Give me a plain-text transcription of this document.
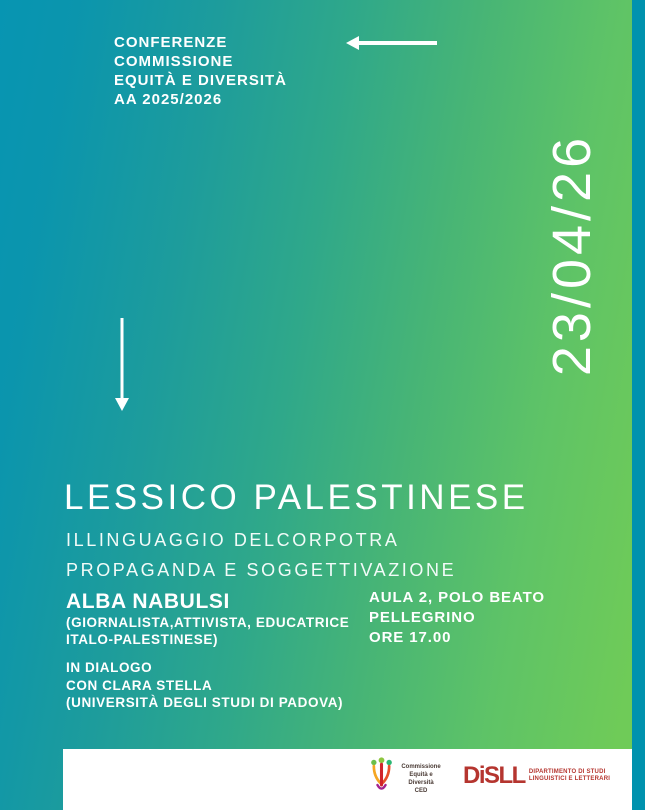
CONFERENZE
COMMISSIONE
EQUITÀ E DIVERSITÀ
AA 2025/2026
23/04/26
LESSICO PALESTINESE
ILLINGUAGGIO DELCORPOTRA
PROPAGANDA E SOGGETTIVAZIONE
ALBA NABULSI
(GIORNALISTA,ATTIVISTA, EDUCATRICE
ITALO-PALESTINESE)
IN DIALOGO
CON CLARA STELLA
(UNIVERSITÀ DEGLI STUDI DI PADOVA)
AULA 2, POLO BEATO
PELLEGRINO
ORE 17.00
Commissione
Equità e Diversità
CED
DiSLL DIPARTIMENTO DI STUDI
LINGUISTICI E LETTERARI
